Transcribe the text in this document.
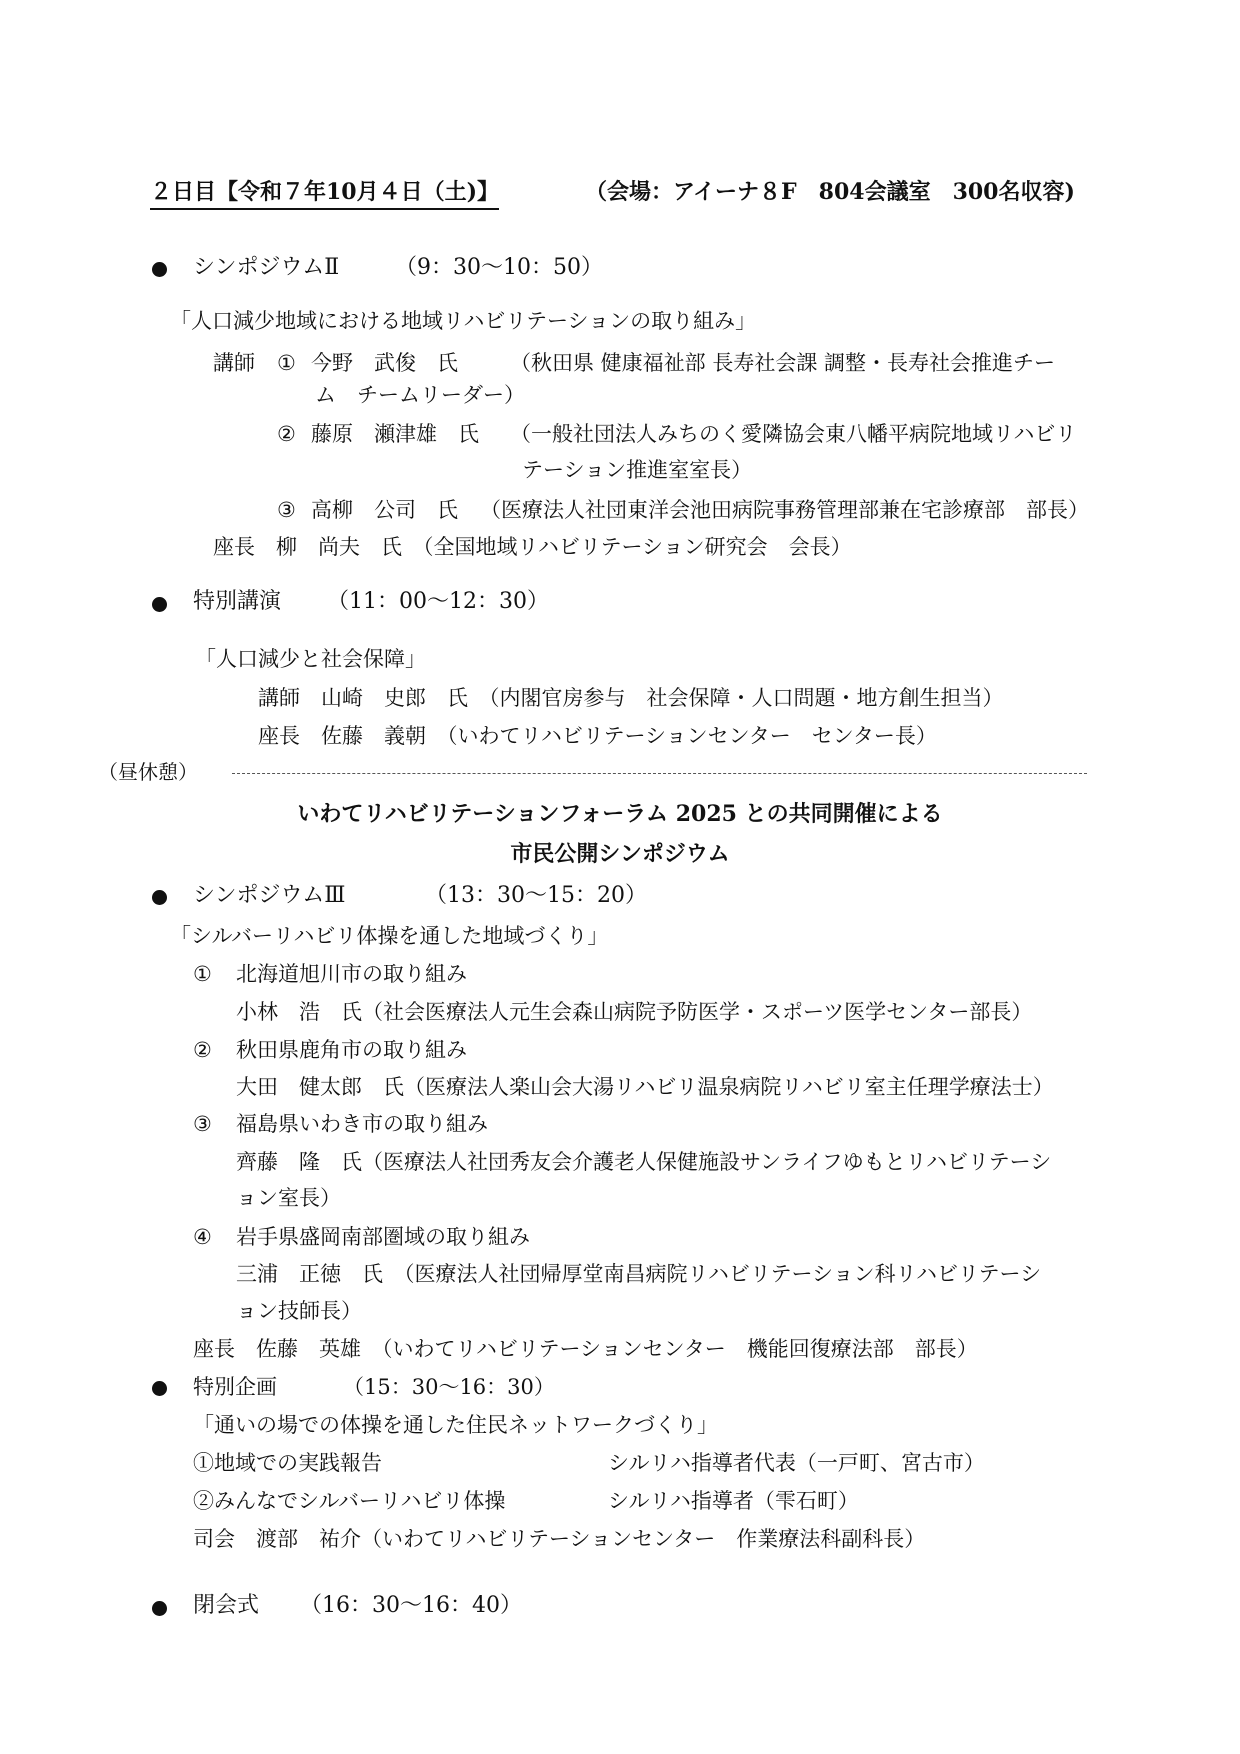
２日目【令和７年10月４日（土)】	（会場：アイーナ８F　804会議室　300名収容)
シンポジウムⅡ	（9：30〜10：50）
「人口減少地域における地域リハビリテーションの取り組み」
講師 ① 今野　武俊　氏 （秋田県 健康福祉部 長寿社会課 調整・長寿社会推進チー
ム　チームリーダー）
② 藤原　瀬津雄　氏 （一般社団法人みちのく愛隣協会東八幡平病院地域リハビリ
テーション推進室室長）
③ 高柳　公司　氏 （医療法人社団東洋会池田病院事務管理部兼在宅診療部　部長）
座長　柳　尚夫　氏　（全国地域リハビリテーション研究会　会長）
特別講演 （11：00〜12：30）
「人口減少と社会保障」
講師　山崎　史郎　氏　（内閣官房参与　社会保障・人口問題・地方創生担当）
座長　佐藤　義朝　（いわてリハビリテーションセンター　センター長）
（昼休憩）
いわてリハビリテーションフォーラム 2025 との共同開催による
市民公開シンポジウム
シンポジウムⅢ	（13：30〜15：20）
「シルバーリハビリ体操を通した地域づくり」
① 北海道旭川市の取り組み
小林　浩　氏（社会医療法人元生会森山病院予防医学・スポーツ医学センター部長）
② 秋田県鹿角市の取り組み
大田　健太郎　氏（医療法人楽山会大湯リハビリ温泉病院リハビリ室主任理学療法士）
③ 福島県いわき市の取り組み
齊藤　隆　氏（医療法人社団秀友会介護老人保健施設サンライフゆもとリハビリテーシ
ョン室長）
④ 岩手県盛岡南部圏域の取り組み
三浦　正徳　氏　（医療法人社団帰厚堂南昌病院リハビリテーション科リハビリテーシ
ョン技師長）
座長　佐藤　英雄　（いわてリハビリテーションセンター　機能回復療法部　部長）
特別企画	（15：30〜16：30）
「通いの場での体操を通した住民ネットワークづくり」
①地域での実践報告	シルリハ指導者代表（一戸町、宮古市）
②みんなでシルバーリハビリ体操	シルリハ指導者（雫石町）
司会　渡部　祐介（いわてリハビリテーションセンター　作業療法科副科長）
閉会式 （16：30〜16：40）
